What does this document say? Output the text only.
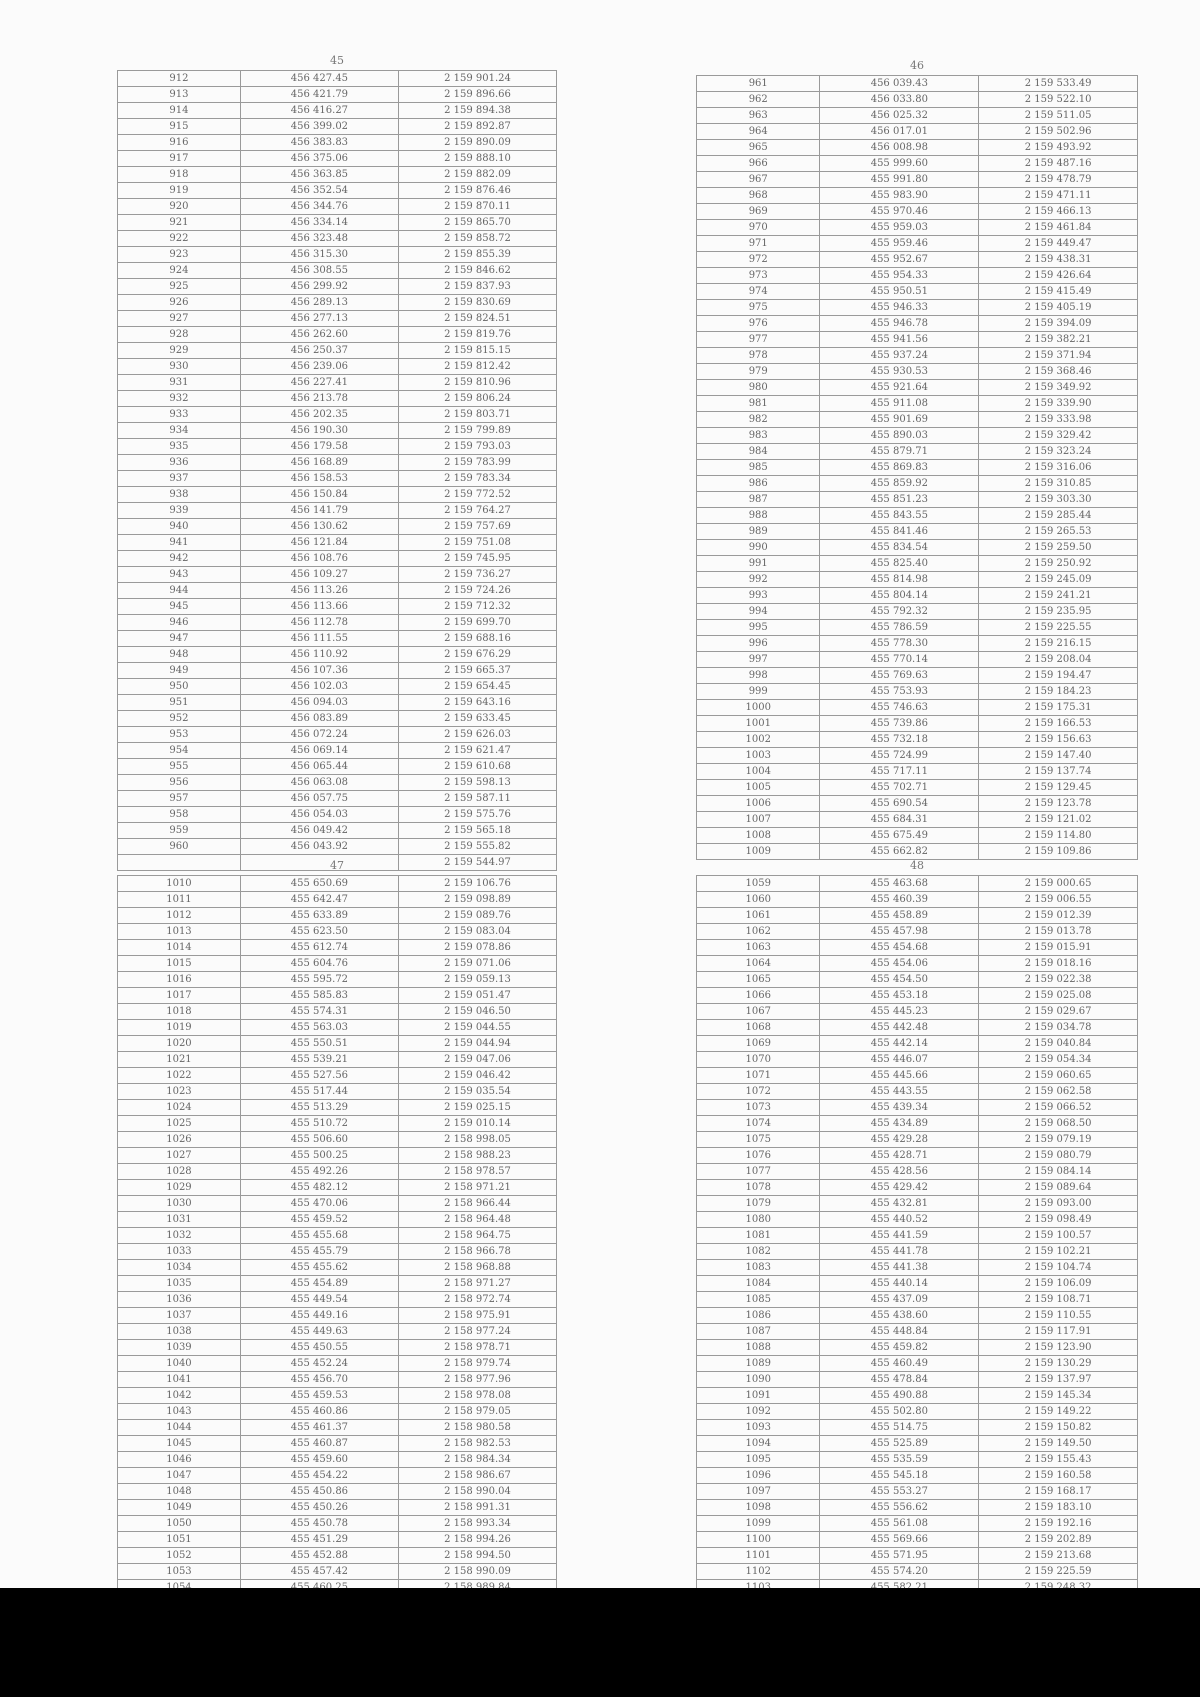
45
912	456 427.45	2 159 901.24
913	456 421.79	2 159 896.66
914	456 416.27	2 159 894.38
915	456 399.02	2 159 892.87
916	456 383.83	2 159 890.09
917	456 375.06	2 159 888.10
918	456 363.85	2 159 882.09
919	456 352.54	2 159 876.46
920	456 344.76	2 159 870.11
921	456 334.14	2 159 865.70
922	456 323.48	2 159 858.72
923	456 315.30	2 159 855.39
924	456 308.55	2 159 846.62
925	456 299.92	2 159 837.93
926	456 289.13	2 159 830.69
927	456 277.13	2 159 824.51
928	456 262.60	2 159 819.76
929	456 250.37	2 159 815.15
930	456 239.06	2 159 812.42
931	456 227.41	2 159 810.96
932	456 213.78	2 159 806.24
933	456 202.35	2 159 803.71
934	456 190.30	2 159 799.89
935	456 179.58	2 159 793.03
936	456 168.89	2 159 783.99
937	456 158.53	2 159 783.34
938	456 150.84	2 159 772.52
939	456 141.79	2 159 764.27
940	456 130.62	2 159 757.69
941	456 121.84	2 159 751.08
942	456 108.76	2 159 745.95
943	456 109.27	2 159 736.27
944	456 113.26	2 159 724.26
945	456 113.66	2 159 712.32
946	456 112.78	2 159 699.70
947	456 111.55	2 159 688.16
948	456 110.92	2 159 676.29
949	456 107.36	2 159 665.37
950	456 102.03	2 159 654.45
951	456 094.03	2 159 643.16
952	456 083.89	2 159 633.45
953	456 072.24	2 159 626.03
954	456 069.14	2 159 621.47
955	456 065.44	2 159 610.68
956	456 063.08	2 159 598.13
957	456 057.75	2 159 587.11
958	456 054.03	2 159 575.76
959	456 049.42	2 159 565.18
960	456 043.92	2 159 555.82
		2 159 544.97
46
961	456 039.43	2 159 533.49
962	456 033.80	2 159 522.10
963	456 025.32	2 159 511.05
964	456 017.01	2 159 502.96
965	456 008.98	2 159 493.92
966	455 999.60	2 159 487.16
967	455 991.80	2 159 478.79
968	455 983.90	2 159 471.11
969	455 970.46	2 159 466.13
970	455 959.03	2 159 461.84
971	455 959.46	2 159 449.47
972	455 952.67	2 159 438.31
973	455 954.33	2 159 426.64
974	455 950.51	2 159 415.49
975	455 946.33	2 159 405.19
976	455 946.78	2 159 394.09
977	455 941.56	2 159 382.21
978	455 937.24	2 159 371.94
979	455 930.53	2 159 368.46
980	455 921.64	2 159 349.92
981	455 911.08	2 159 339.90
982	455 901.69	2 159 333.98
983	455 890.03	2 159 329.42
984	455 879.71	2 159 323.24
985	455 869.83	2 159 316.06
986	455 859.92	2 159 310.85
987	455 851.23	2 159 303.30
988	455 843.55	2 159 285.44
989	455 841.46	2 159 265.53
990	455 834.54	2 159 259.50
991	455 825.40	2 159 250.92
992	455 814.98	2 159 245.09
993	455 804.14	2 159 241.21
994	455 792.32	2 159 235.95
995	455 786.59	2 159 225.55
996	455 778.30	2 159 216.15
997	455 770.14	2 159 208.04
998	455 769.63	2 159 194.47
999	455 753.93	2 159 184.23
1000	455 746.63	2 159 175.31
1001	455 739.86	2 159 166.53
1002	455 732.18	2 159 156.63
1003	455 724.99	2 159 147.40
1004	455 717.11	2 159 137.74
1005	455 702.71	2 159 129.45
1006	455 690.54	2 159 123.78
1007	455 684.31	2 159 121.02
1008	455 675.49	2 159 114.80
1009	455 662.82	2 159 109.86
47
1010	455 650.69	2 159 106.76
1011	455 642.47	2 159 098.89
1012	455 633.89	2 159 089.76
1013	455 623.50	2 159 083.04
1014	455 612.74	2 159 078.86
1015	455 604.76	2 159 071.06
1016	455 595.72	2 159 059.13
1017	455 585.83	2 159 051.47
1018	455 574.31	2 159 046.50
1019	455 563.03	2 159 044.55
1020	455 550.51	2 159 044.94
1021	455 539.21	2 159 047.06
1022	455 527.56	2 159 046.42
1023	455 517.44	2 159 035.54
1024	455 513.29	2 159 025.15
1025	455 510.72	2 159 010.14
1026	455 506.60	2 158 998.05
1027	455 500.25	2 158 988.23
1028	455 492.26	2 158 978.57
1029	455 482.12	2 158 971.21
1030	455 470.06	2 158 966.44
1031	455 459.52	2 158 964.48
1032	455 455.68	2 158 964.75
1033	455 455.79	2 158 966.78
1034	455 455.62	2 158 968.88
1035	455 454.89	2 158 971.27
1036	455 449.54	2 158 972.74
1037	455 449.16	2 158 975.91
1038	455 449.63	2 158 977.24
1039	455 450.55	2 158 978.71
1040	455 452.24	2 158 979.74
1041	455 456.70	2 158 977.96
1042	455 459.53	2 158 978.08
1043	455 460.86	2 158 979.05
1044	455 461.37	2 158 980.58
1045	455 460.87	2 158 982.53
1046	455 459.60	2 158 984.34
1047	455 454.22	2 158 986.67
1048	455 450.86	2 158 990.04
1049	455 450.26	2 158 991.31
1050	455 450.78	2 158 993.34
1051	455 451.29	2 158 994.26
1052	455 452.88	2 158 994.50
1053	455 457.42	2 158 990.09

48
1059	455 463.68	2 159 000.65
1060	455 460.39	2 159 006.55
1061	455 458.89	2 159 012.39
1062	455 457.98	2 159 013.78
1063	455 454.68	2 159 015.91
1064	455 454.06	2 159 018.16
1065	455 454.50	2 159 022.38
1066	455 453.18	2 159 025.08
1067	455 445.23	2 159 029.67
1068	455 442.48	2 159 034.78
1069	455 442.14	2 159 040.84
1070	455 446.07	2 159 054.34
1071	455 445.66	2 159 060.65
1072	455 443.55	2 159 062.58
1073	455 439.34	2 159 066.52
1074	455 434.89	2 159 068.50
1075	455 429.28	2 159 079.19
1076	455 428.71	2 159 080.79
1077	455 428.56	2 159 084.14
1078	455 429.42	2 159 089.64
1079	455 432.81	2 159 093.00
1080	455 440.52	2 159 098.49
1081	455 441.59	2 159 100.57
1082	455 441.78	2 159 102.21
1083	455 441.38	2 159 104.74
1084	455 440.14	2 159 106.09
1085	455 437.09	2 159 108.71
1086	455 438.60	2 159 110.55
1087	455 448.84	2 159 117.91
1088	455 459.82	2 159 123.90
1089	455 460.49	2 159 130.29
1090	455 478.84	2 159 137.97
1091	455 490.88	2 159 145.34
1092	455 502.80	2 159 149.22
1093	455 514.75	2 159 150.82
1094	455 525.89	2 159 149.50
1095	455 535.59	2 159 155.43
1096	455 545.18	2 159 160.58
1097	455 553.27	2 159 168.17
1098	455 556.62	2 159 183.10
1099	455 561.08	2 159 192.16
1100	455 569.66	2 159 202.89
1101	455 571.95	2 159 213.68
1102	455 574.20	2 159 225.59
